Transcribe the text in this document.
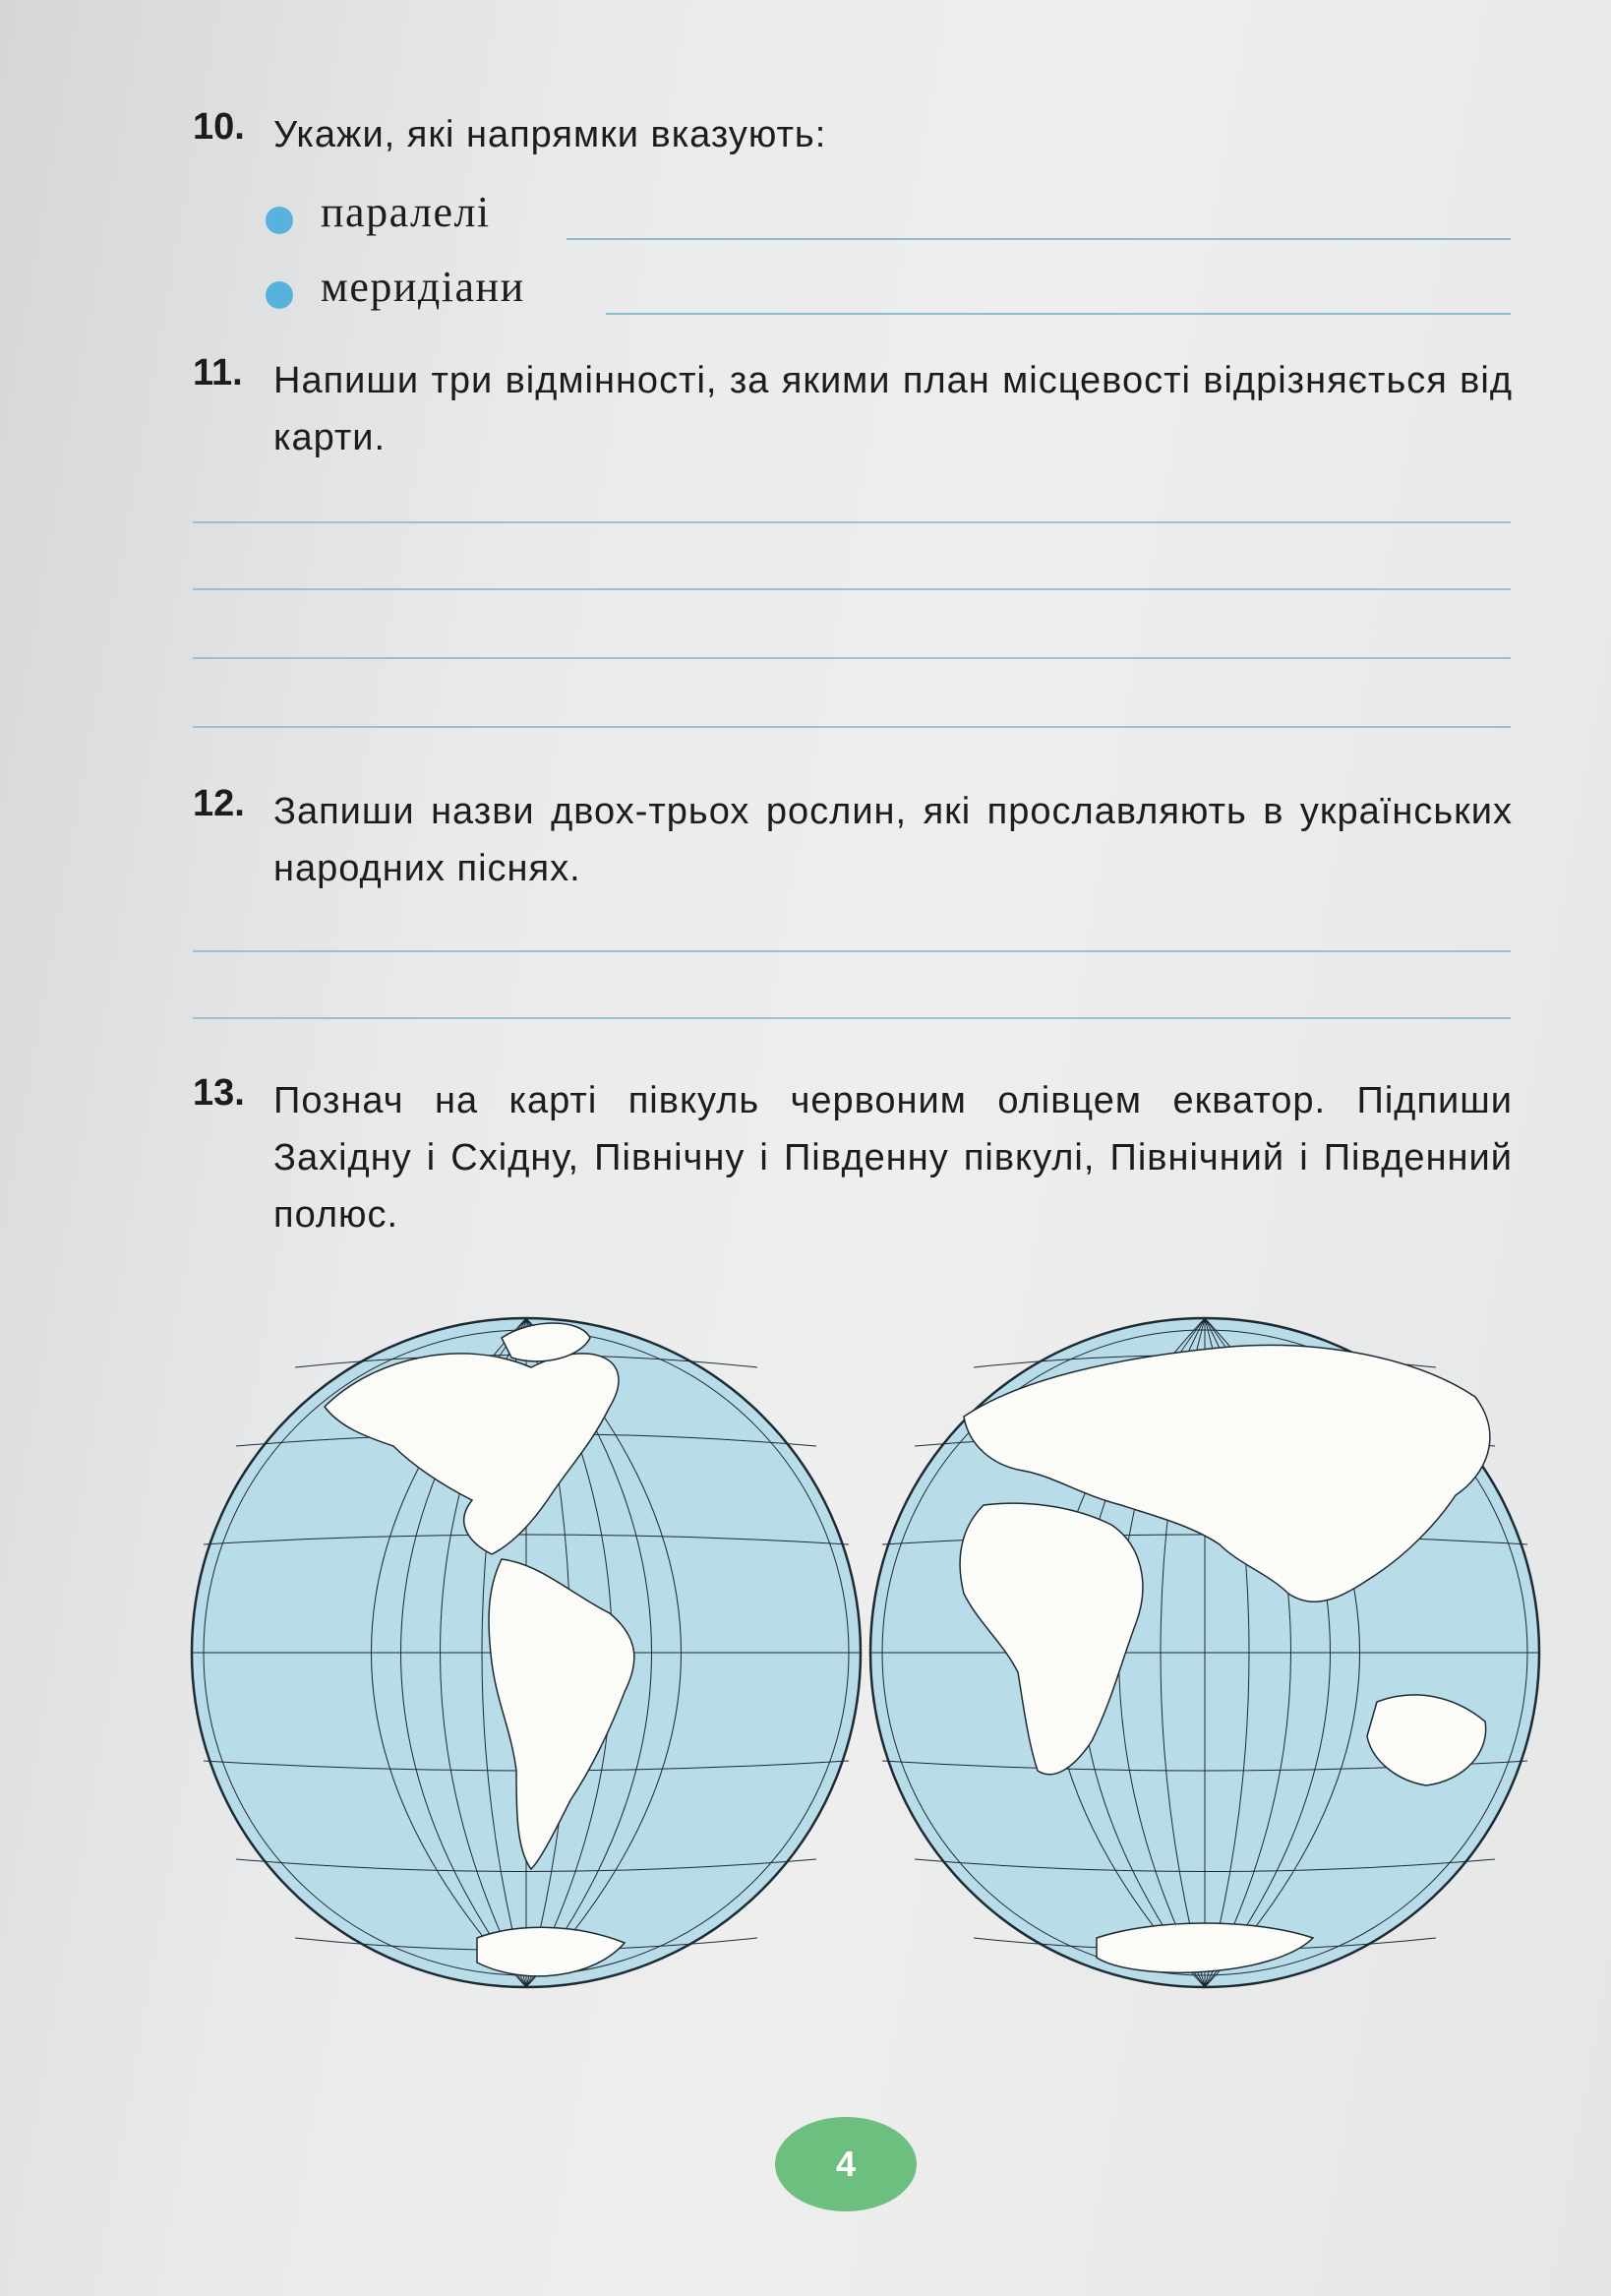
10. Укажи, які напрямки вказують:
паралелі
меридіани
11. Напиши три відмінності, за якими план місцевості відрізняється від карти.
12. Запиши назви двох-трьох рослин, які прославляють в українських народних піснях.
13. Познач на карті півкуль червоним олівцем екватор. Підпиши Західну і Східну, Північну і Південну півкулі, Північний і Південний полюс.
4
